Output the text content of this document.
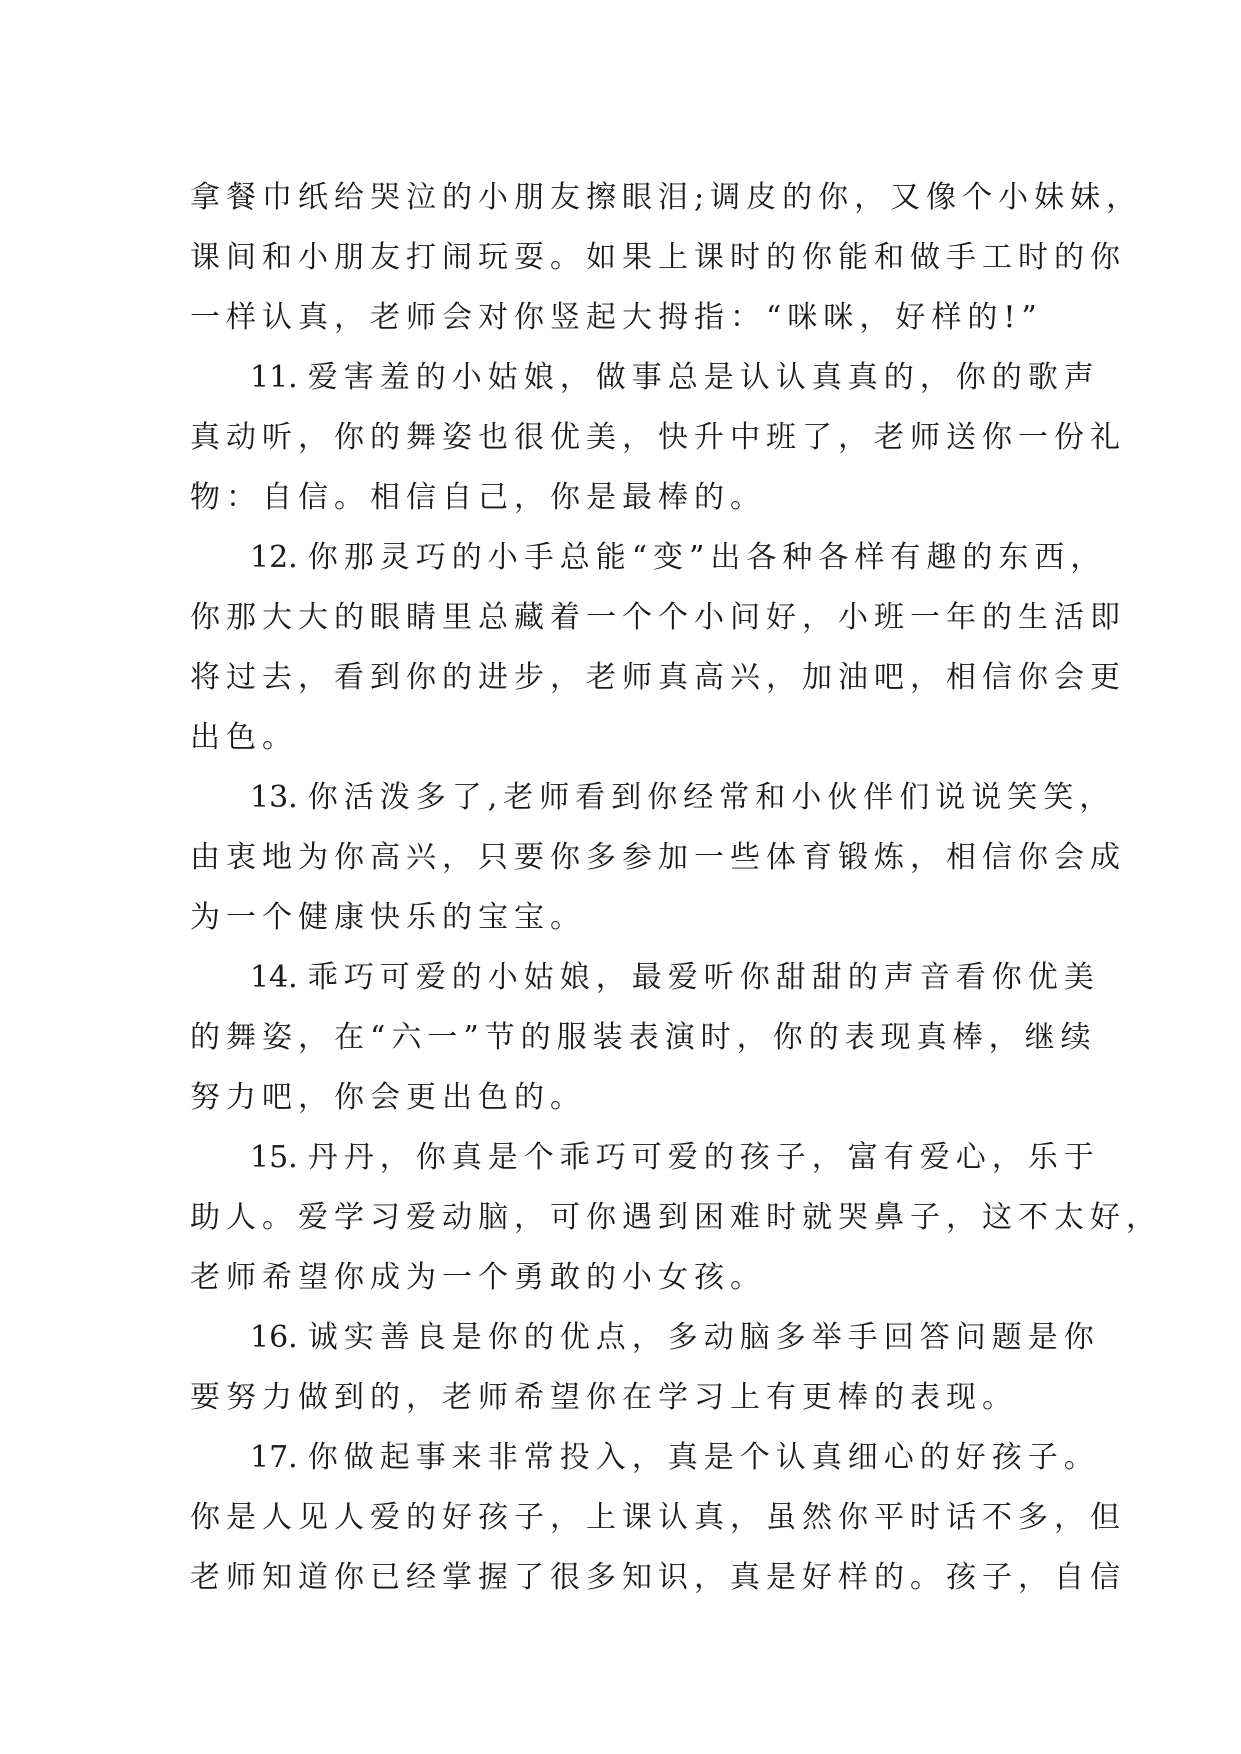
拿餐巾纸给哭泣的小朋友擦眼泪;调皮的你，又像个小妹妹，
课间和小朋友打闹玩耍。如果上课时的你能和做手工时的你
一样认真，老师会对你竖起大拇指：“咪咪，好样的!”
11. 爱害羞的小姑娘，做事总是认认真真的，你的歌声
真动听，你的舞姿也很优美，快升中班了，老师送你一份礼
物：自信。相信自己，你是最棒的。
12. 你那灵巧的小手总能“变”出各种各样有趣的东西，
你那大大的眼睛里总藏着一个个小问好，小班一年的生活即
将过去，看到你的进步，老师真高兴，加油吧，相信你会更
出色。
13. 你活泼多了,老师看到你经常和小伙伴们说说笑笑，
由衷地为你高兴，只要你多参加一些体育锻炼，相信你会成
为一个健康快乐的宝宝。
14. 乖巧可爱的小姑娘，最爱听你甜甜的声音看你优美
的舞姿，在“六一”节的服装表演时，你的表现真棒，继续
努力吧，你会更出色的。
15. 丹丹，你真是个乖巧可爱的孩子，富有爱心，乐于
助人。爱学习爱动脑，可你遇到困难时就哭鼻子，这不太好，
老师希望你成为一个勇敢的小女孩。
16. 诚实善良是你的优点，多动脑多举手回答问题是你
要努力做到的，老师希望你在学习上有更棒的表现。
17. 你做起事来非常投入，真是个认真细心的好孩子。
你是人见人爱的好孩子，上课认真，虽然你平时话不多，但
老师知道你已经掌握了很多知识，真是好样的。孩子，自信
